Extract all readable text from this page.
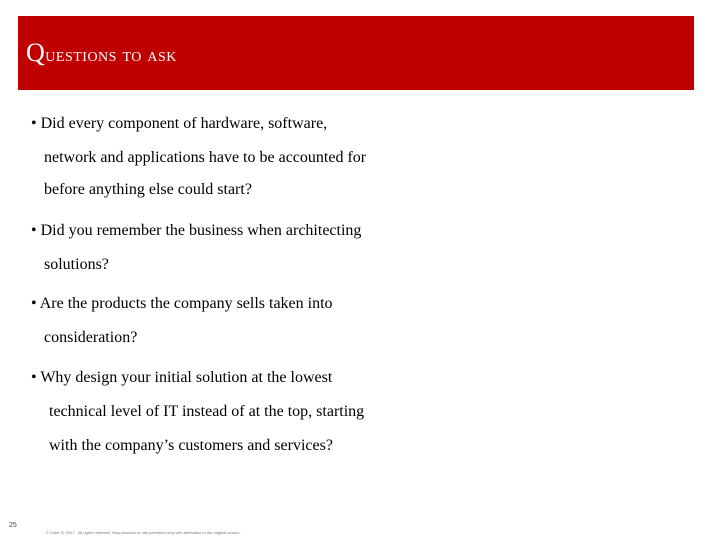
Questions to ask
• Did every component of hardware, software,
network and applications have to be accounted for
before anything else could start?
• Did you remember the business when architecting
solutions?
• Are the products the company sells taken into
consideration?
• Why design your initial solution at the lowest
technical level of IT instead of at the top, starting
with the company’s customers and services?
25
© Cobit IC 2017 - All rights reserved. Reproduction or use permitted only with attribution to the original source.
